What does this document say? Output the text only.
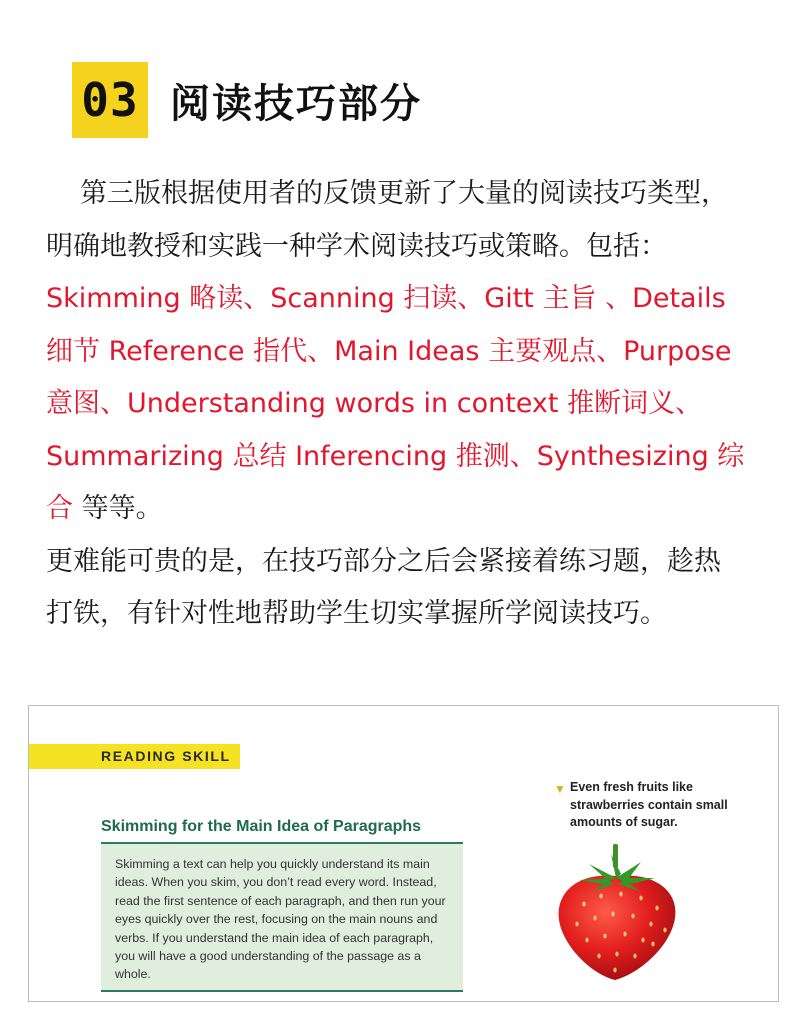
03 阅读技巧部分
第三版根据使用者的反馈更新了大量的阅读技巧类型，明确地教授和实践一种学术阅读技巧或策略。包括：Skimming 略读、Scanning 扫读、Gitt 主旨 、Details 细节 Reference 指代、Main Ideas 主要观点、Purpose 意图、Understanding words in context 推断词义、Summarizing 总结 Inferencing 推测、Synthesizing 综合 等等。
更难能可贵的是，在技巧部分之后会紧接着练习题，趁热打铁，有针对性地帮助学生切实掌握所学阅读技巧。
READING SKILL
Skimming for the Main Idea of Paragraphs
Skimming a text can help you quickly understand its main ideas. When you skim, you don’t read every word. Instead, read the first sentence of each paragraph, and then run your eyes quickly over the rest, focusing on the main nouns and verbs. If you understand the main idea of each paragraph, you will have a good understanding of the passage as a whole.
▼ Even fresh fruits like strawberries contain small amounts of sugar.
